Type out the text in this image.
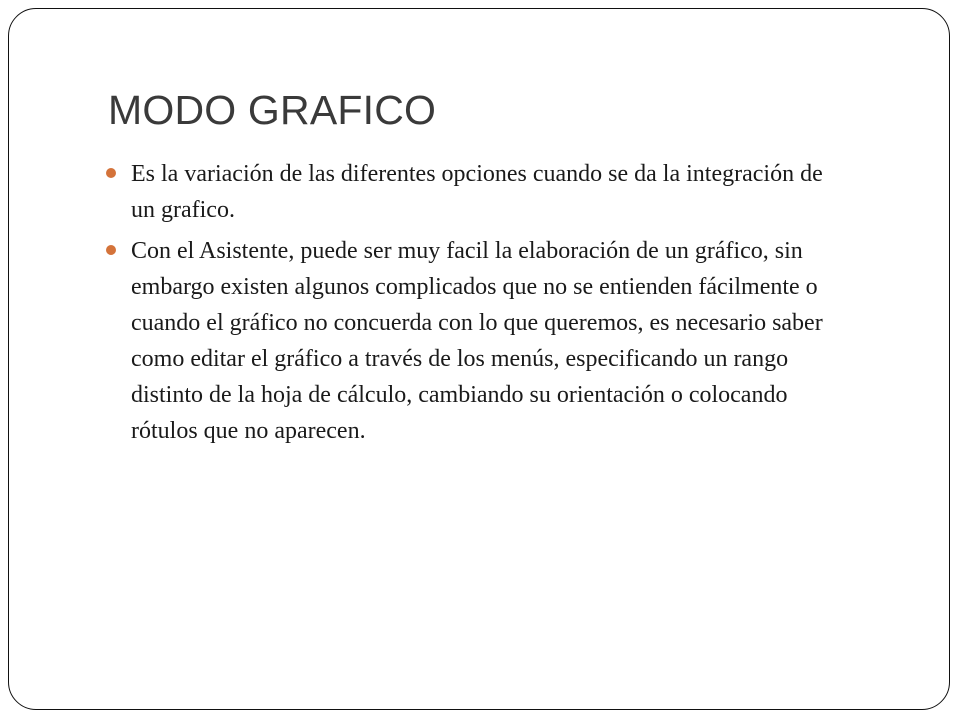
MODO GRAFICO
Es la variación de las diferentes opciones cuando se da la integración de un grafico.
Con el Asistente, puede ser muy facil la elaboración de un gráfico, sin embargo existen algunos complicados que no se entienden fácilmente o cuando el gráfico no concuerda con lo que queremos, es necesario saber como editar el gráfico a través de los menús, especificando un rango distinto de la hoja de cálculo, cambiando su orientación o colocando rótulos que no aparecen.
